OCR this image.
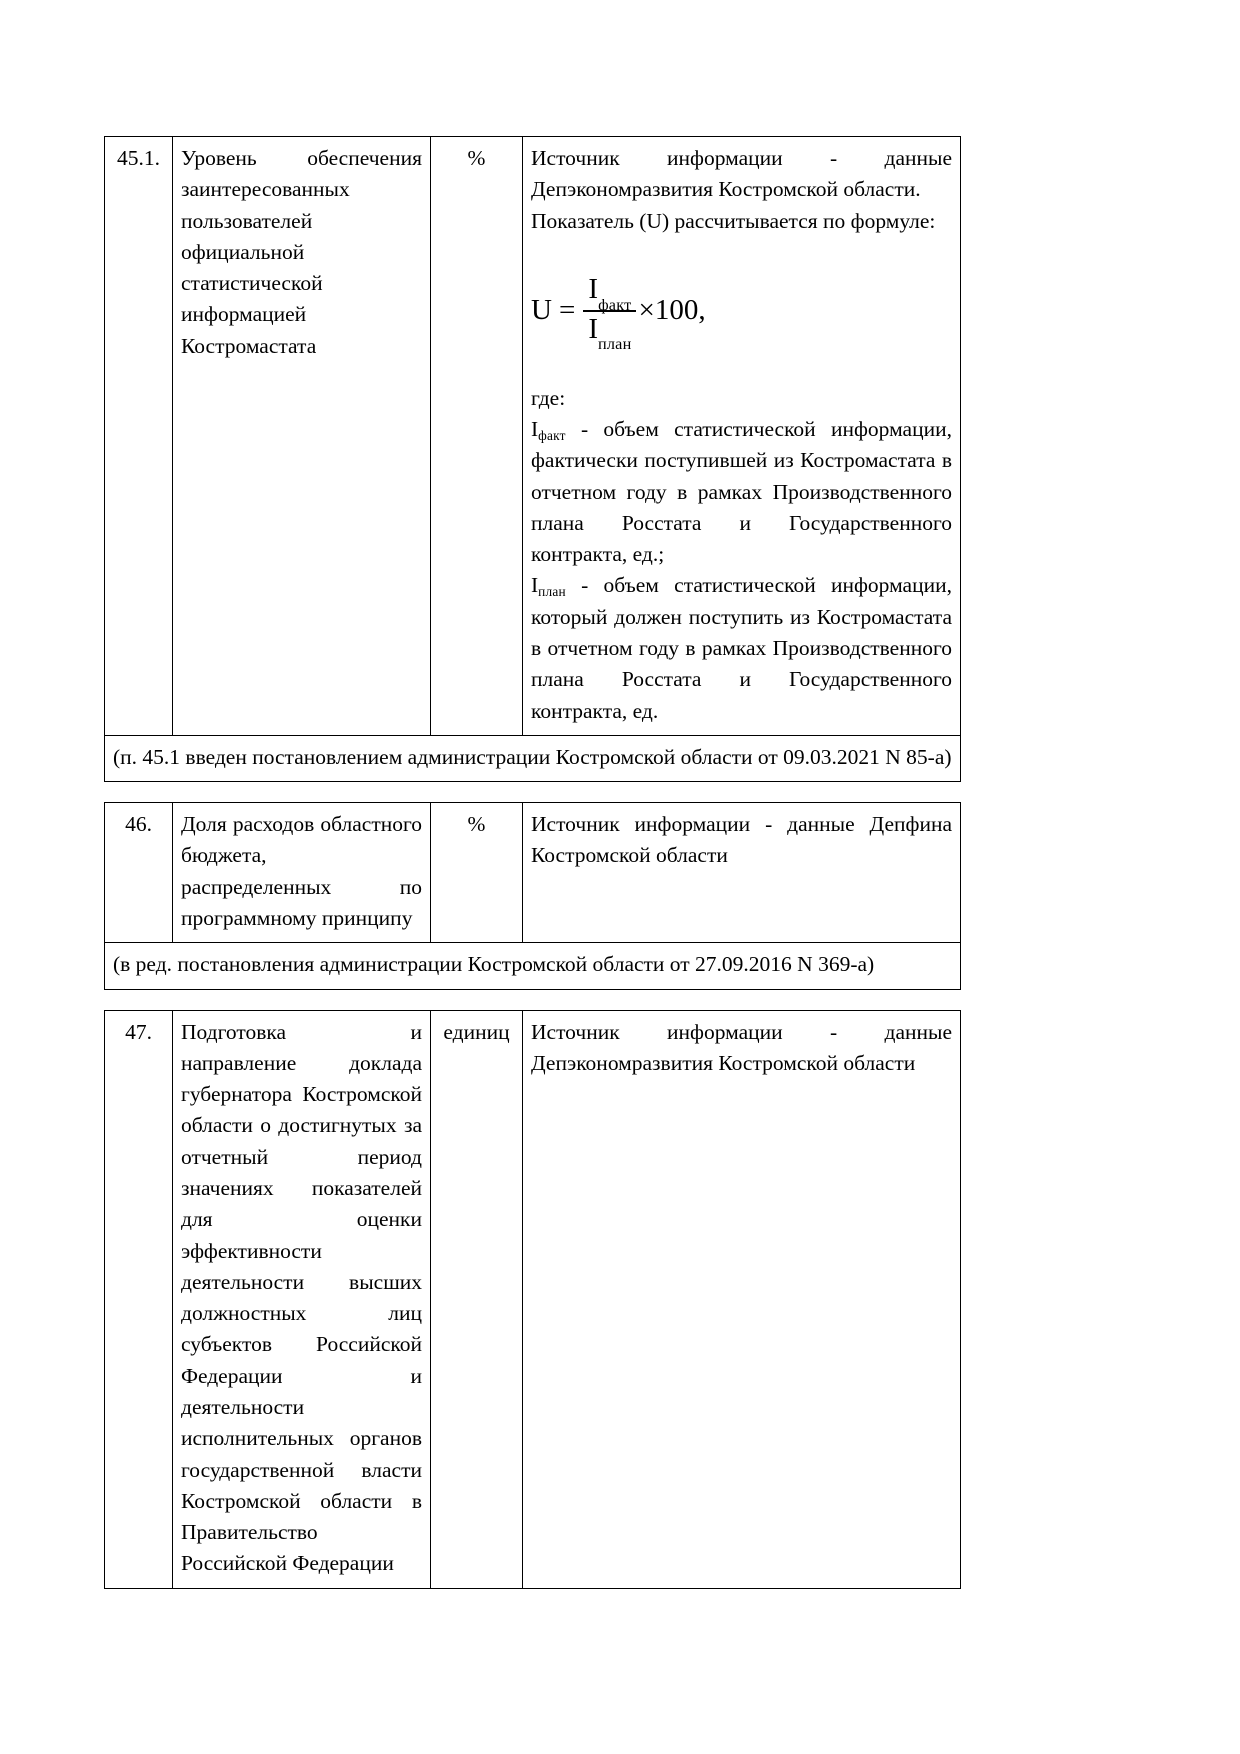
45.1.	Уровень обеспечения заинтересованных пользователей официальной статистической информацией Костромастата	%	Источник информации - данные Депэкономразвития Костромской области.

Показатель (U) рассчитывается по формуле:

$U = \frac{I_{факт}}{I_{план}} \times 100$,

где:

Iфакт - объем статистической информации, фактически поступившей из Костромастата в отчетном году в рамках Производственного плана Росстата и Государственного контракта, ед.;

Iплан - объем статистической информации, который должен поступить из Костромастата в отчетном году в рамках Производственного плана Росстата и Государственного контракта, ед.

(п. 45.1 введен постановлением администрации Костромской области от 09.03.2021 N 85-а)
46.	Доля расходов областного бюджета, распределенных по программному принципу	%	Источник информации - данные Депфина Костромской области
(в ред. постановления администрации Костромской области от 27.09.2016 N 369-а)
47.	Подготовка и направление доклада губернатора Костромской области о достигнутых за отчетный период значениях показателей для оценки эффективности деятельности высших должностных лиц субъектов Российской Федерации и деятельности исполнительных органов государственной власти Костромской области в Правительство Российской Федерации	единиц	Источник информации - данные Депэкономразвития Костромской области
